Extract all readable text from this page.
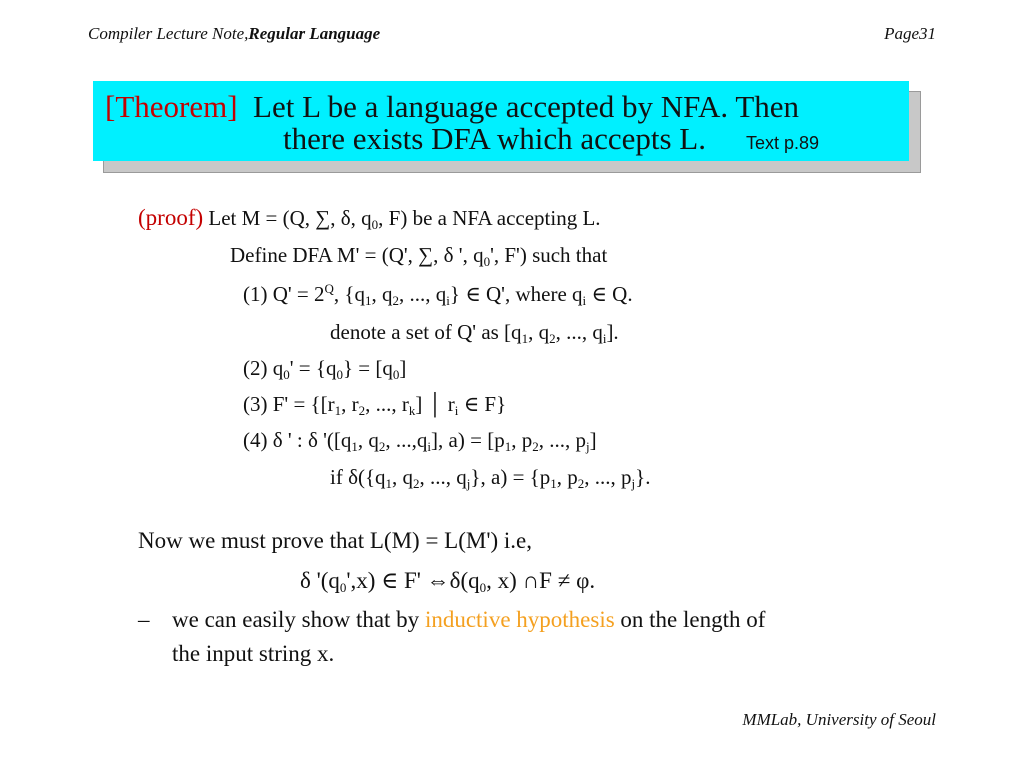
Compiler Lecture Note,Regular Language	Page31
[Theorem] Let L be a language accepted by NFA. Then
there exists DFA which accepts L. Text p.89
(proof) Let M = (Q, ∑, δ, $q_0$, F) be a NFA accepting L.
Define DFA M' = (Q', ∑, δ ', $q_0'$, F') such that
(1) $Q' = 2^Q$, {$q_1$, $q_2$, ..., $q_i$} ∈ Q', where $q_i$ ∈ Q.
denote a set of Q' as [$q_1$, $q_2$, ..., $q_i$].
(2) $q_0' = \{q_0\} = [q_0]$
(3) $F' = \{[r_1$, $r_2$, ..., $r_k$] │ $r_i$ ∈ F}
(4) δ ' : δ '([$q_1$, $q_2$, $...,q_i$], $a) = [p_1$, $p_2$, ..., $p_j$]
if $\delta(\{q_1$, $q_2$, ..., $q_j$}, $a) = \{p_1$, $p_2$, ..., $p_j$}.
Now we must prove that L(M) = L(M') i.e,
δ '$(q_0',x)$ ∈ F' $\Leftrightarrow\delta(q_0$, x) ∩F ≠ φ.
– we can easily show that by inductive hypothesis on the length of
the input string x.
MMLab, University of Seoul
